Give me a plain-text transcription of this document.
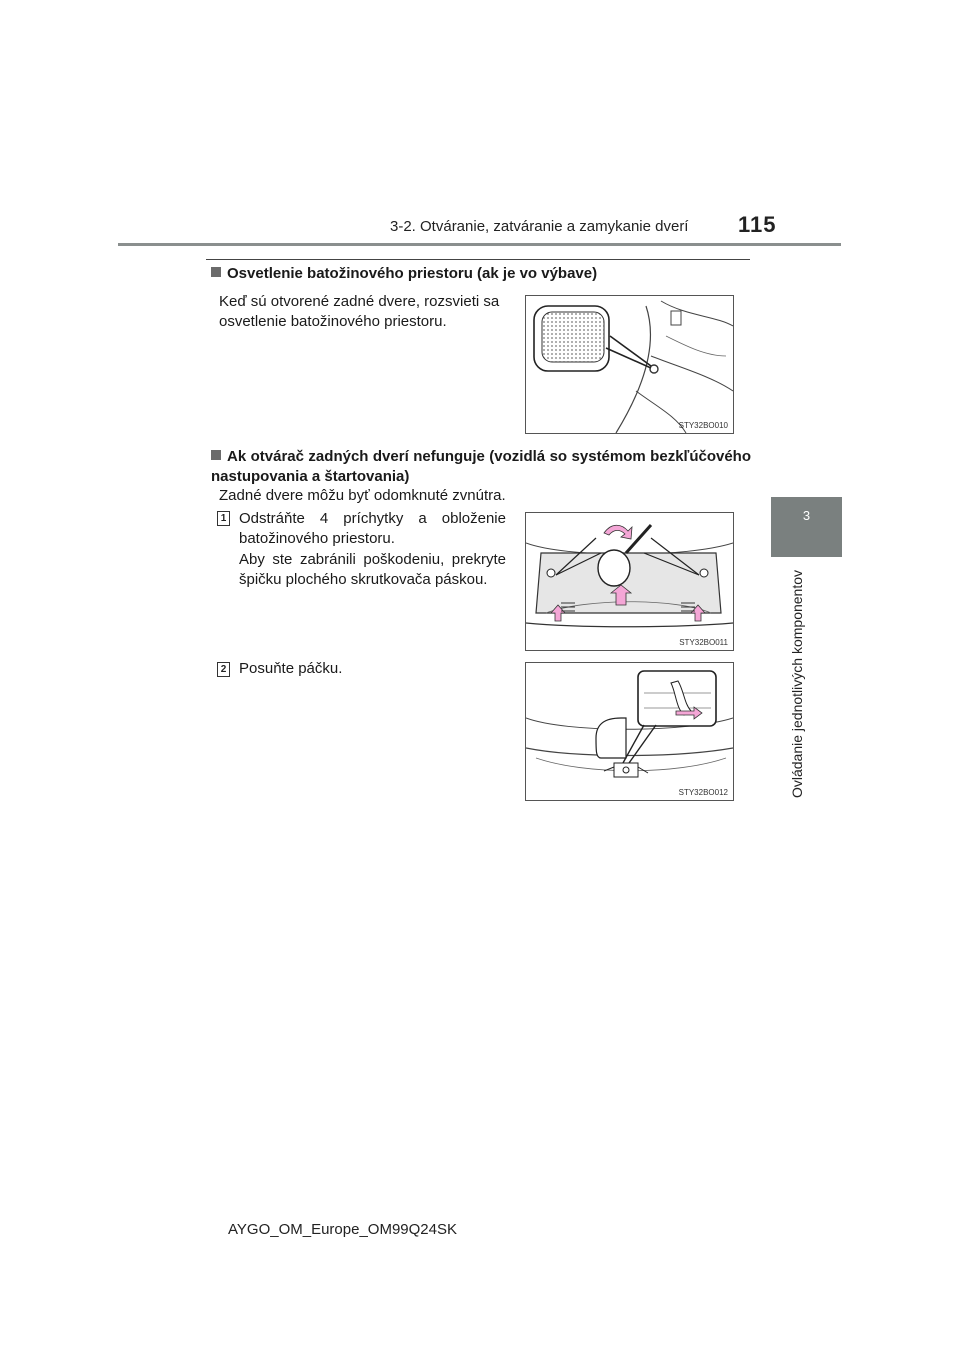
3-2. Otváranie, zatváranie a zamykanie dverí 115
3
Ovládanie jednotlivých komponentov
Osvetlenie batožinového priestoru (ak je vo výbave)
Keď sú otvorené zadné dvere, rozsvieti sa osvetlenie batožinového priestoru.
STY32BO010
Ak otvárač zadných dverí nefunguje (vozidlá so systémom bezkľúčového nastupovania a štartovania)
Zadné dvere môžu byť odomknuté zvnútra.
1 Odstráňte 4 príchytky a obloženie batožinového priestoru.
Aby ste zabránili poškodeniu, prekryte špičku plochého skrutkovača páskou.
STY32BO011
2 Posuňte páčku.
STY32BO012
AYGO_OM_Europe_OM99Q24SK
